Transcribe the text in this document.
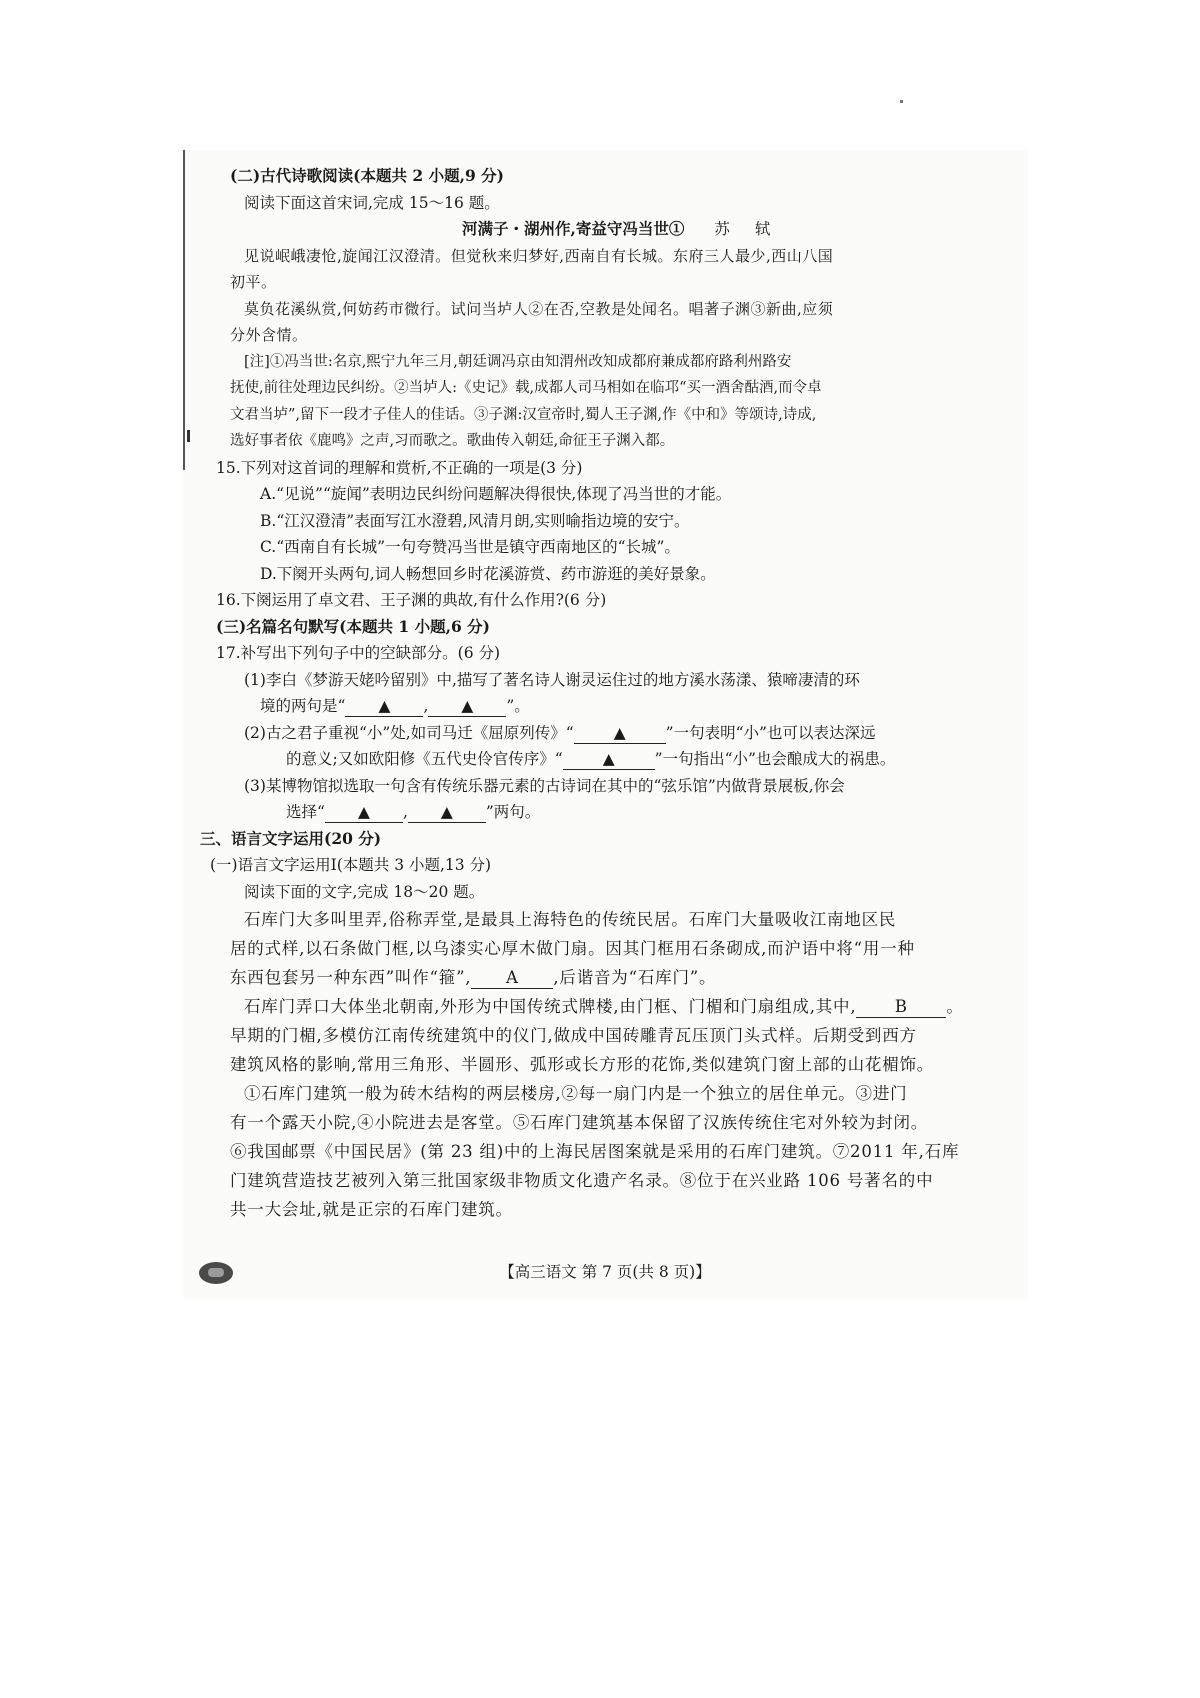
(二)古代诗歌阅读(本题共 2 小题,9 分)
阅读下面这首宋词,完成 15～16 题。
河满子・湖州作,寄益守冯当世① 苏 轼
见说岷峨凄怆,旋闻江汉澄清。但觉秋来归梦好,西南自有长城。东府三人最少,西山八国
初平。
莫负花溪纵赏,何妨药市微行。试问当垆人②在否,空教是处闻名。唱著子渊③新曲,应须
分外含情。
[注]①冯当世:名京,熙宁九年三月,朝廷调冯京由知渭州改知成都府兼成都府路利州路安
抚使,前往处理边民纠纷。②当垆人:《史记》载,成都人司马相如在临邛“买一酒舍酤酒,而令卓
文君当垆”,留下一段才子佳人的佳话。③子渊:汉宣帝时,蜀人王子渊,作《中和》等颂诗,诗成,
选好事者依《鹿鸣》之声,习而歌之。歌曲传入朝廷,命征王子渊入都。
15.下列对这首词的理解和赏析,不正确的一项是(3 分)
A.“见说”“旋闻”表明边民纠纷问题解决得很快,体现了冯当世的才能。
B.“江汉澄清”表面写江水澄碧,风清月朗,实则喻指边境的安宁。
C.“西南自有长城”一句夸赞冯当世是镇守西南地区的“长城”。
D.下阕开头两句,词人畅想回乡时花溪游赏、药市游逛的美好景象。
16.下阕运用了卓文君、王子渊的典故,有什么作用?(6 分)
(三)名篇名句默写(本题共 1 小题,6 分)
17.补写出下列句子中的空缺部分。(6 分)
(1)李白《梦游天姥吟留别》中,描写了著名诗人谢灵运住过的地方溪水荡漾、猿啼凄清的环
境的两句是“ ▲ , ▲ ”。
(2)古之君子重视“小”处,如司马迁《屈原列传》“	▲	”一句表明“小”也可以表达深远
的意义;又如欧阳修《五代史伶官传序》“	▲	”一句指出“小”也会酿成大的祸患。
(3)某博物馆拟选取一句含有传统乐器元素的古诗词在其中的“弦乐馆”内做背景展板,你会
选择“ ▲ , ▲ ”两句。
三、语言文字运用(20 分)
(一)语言文字运用Ⅰ(本题共 3 小题,13 分)
阅读下面的文字,完成 18～20 题。
石库门大多叫里弄,俗称弄堂,是最具上海特色的传统民居。石库门大量吸收江南地区民
居的式样,以石条做门框,以乌漆实心厚木做门扇。因其门框用石条砌成,而沪语中将“用一种
东西包套另一种东西”叫作“箍”, A ,后谐音为“石库门”。
石库门弄口大体坐北朝南,外形为中国传统式牌楼,由门框、门楣和门扇组成,其中, B 。
早期的门楣,多模仿江南传统建筑中的仪门,做成中国砖雕青瓦压顶门头式样。后期受到西方
建筑风格的影响,常用三角形、半圆形、弧形或长方形的花饰,类似建筑门窗上部的山花楣饰。
①石库门建筑一般为砖木结构的两层楼房,②每一扇门内是一个独立的居住单元。③进门
有一个露天小院,④小院进去是客堂。⑤石库门建筑基本保留了汉族传统住宅对外较为封闭。
⑥我国邮票《中国民居》(第 23 组)中的上海民居图案就是采用的石库门建筑。⑦2011 年,石库
门建筑营造技艺被列入第三批国家级非物质文化遗产名录。⑧位于在兴业路 106 号著名的中
共一大会址,就是正宗的石库门建筑。
【高三语文 第 7 页(共 8 页)】
